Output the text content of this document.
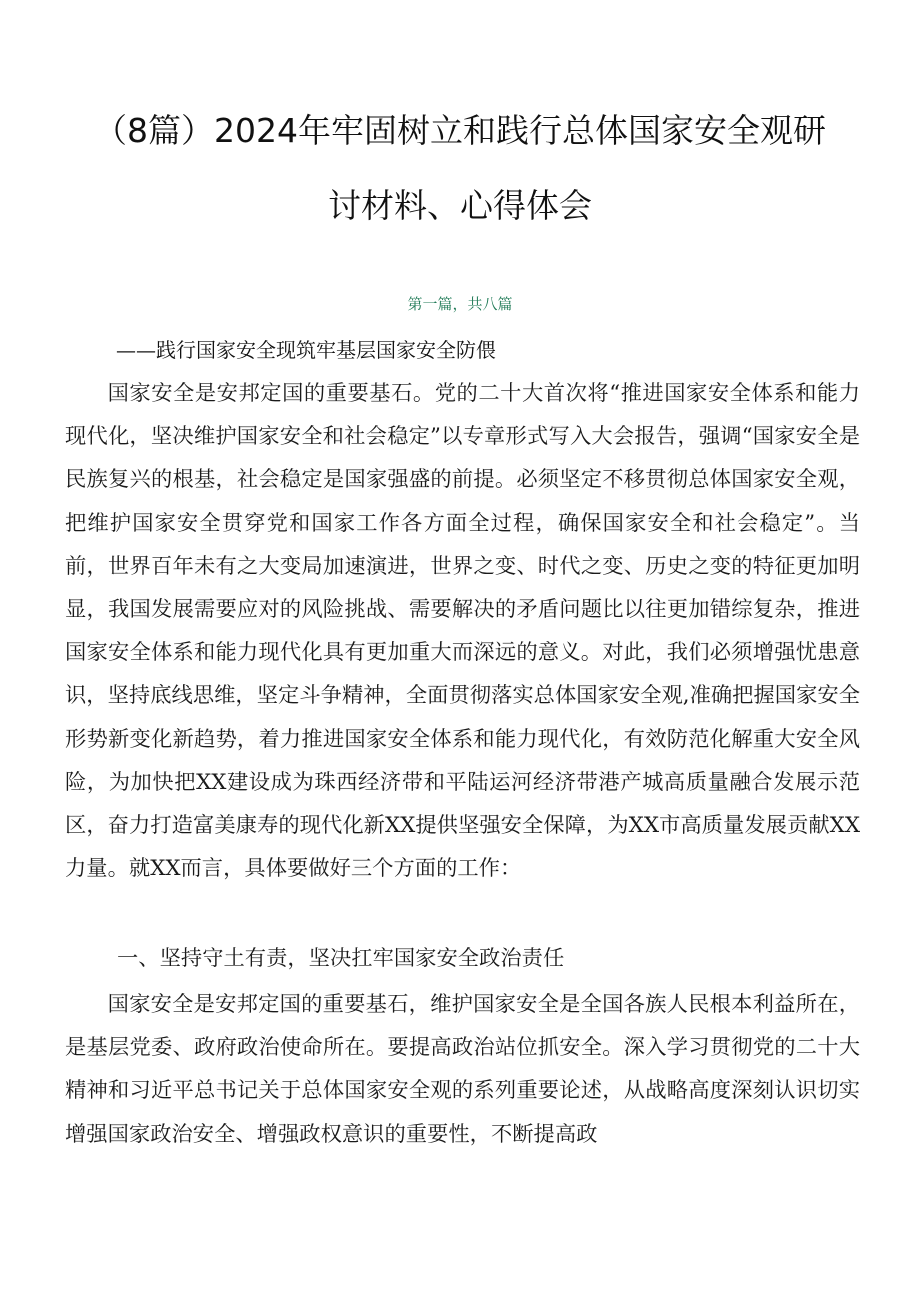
（8篇）2024年牢固树立和践行总体国家安全观研
讨材料、心得体会
第一篇，共八篇
——践行国家安全现筑牢基层国家安全防偎

国家安全是安邦定国的重要基石。党的二十大首次将“推进国家安全体系和能力现代化，坚决维护国家安全和社会稳定”以专章形式写入大会报告，强调“国家安全是民族复兴的根基，社会稳定是国家强盛的前提。必须坚定不移贯彻总体国家安全观，把维护国家安全贯穿党和国家工作各方面全过程，确保国家安全和社会稳定”。当前，世界百年未有之大变局加速演进，世界之变、时代之变、历史之变的特征更加明显，我国发展需要应对的风险挑战、需要解决的矛盾问题比以往更加错综复杂，推进国家安全体系和能力现代化具有更加重大而深远的意义。对此，我们必须增强忧患意识，坚持底线思维，坚定斗争精神，全面贯彻落实总体国家安全观,准确把握国家安全形势新变化新趋势，着力推进国家安全体系和能力现代化，有效防范化解重大安全风险，为加快把XX建设成为珠西经济带和平陆运河经济带港产城高质量融合发展示范区，奋力打造富美康寿的现代化新XX提供坚强安全保障，为XX市高质量发展贡献XX力量。就XX而言，具体要做好三个方面的工作：

一、坚持守土有责，坚决扛牢国家安全政治责任

国家安全是安邦定国的重要基石，维护国家安全是全国各族人民根本利益所在，是基层党委、政府政治使命所在。要提高政治站位抓安全。深入学习贯彻党的二十大精神和习近平总书记关于总体国家安全观的系列重要论述，从战略高度深刻认识切实增强国家政治安全、增强政权意识的重要性，不断提高政
